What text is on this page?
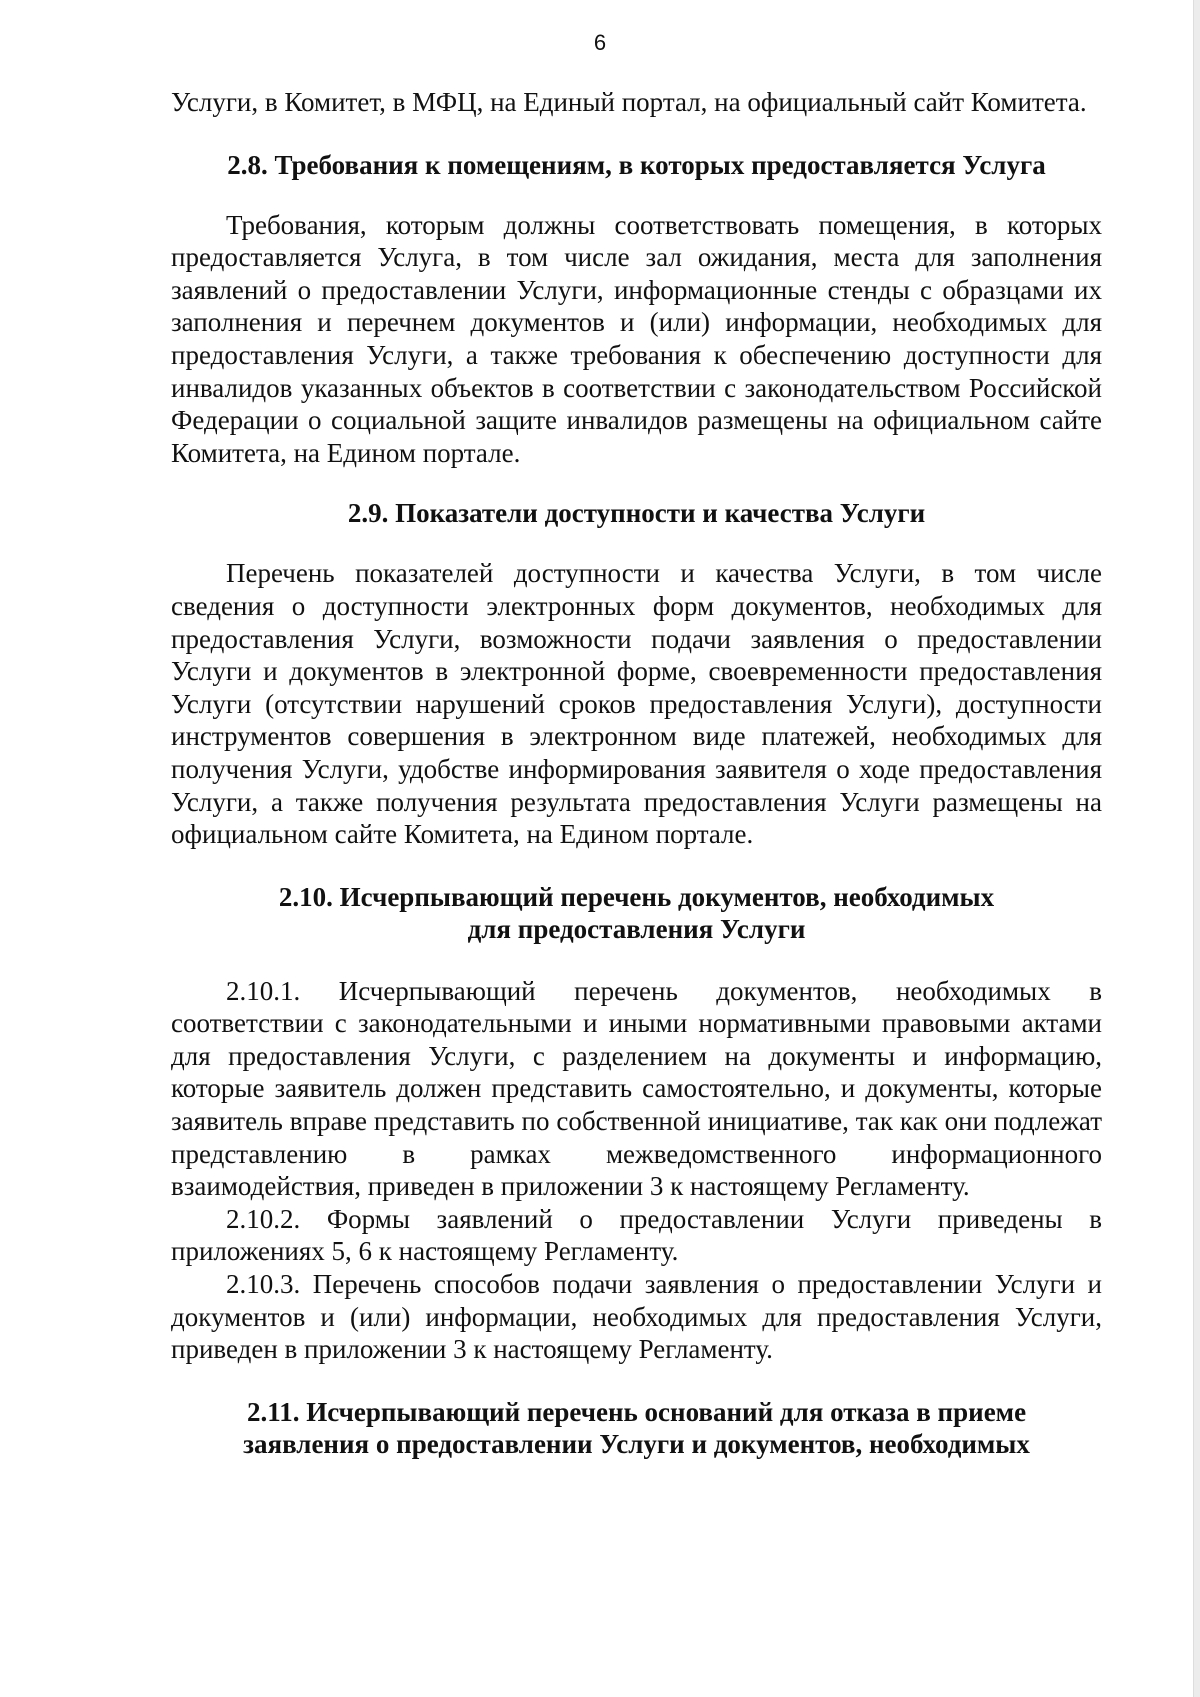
6

Услуги, в Комитет, в МФЦ, на Единый портал, на официальный сайт Комитета.

2.8. Требования к помещениям, в которых предоставляется Услуга

Требования, которым должны соответствовать помещения, в которых предоставляется Услуга, в том числе зал ожидания, места для заполнения заявлений о предоставлении Услуги, информационные стенды с образцами их заполнения и перечнем документов и (или) информации, необходимых для предоставления Услуги, а также требования к обеспечению доступности для инвалидов указанных объектов в соответствии с законодательством Российской Федерации о социальной защите инвалидов размещены на официальном сайте Комитета, на Едином портале.

2.9. Показатели доступности и качества Услуги

Перечень показателей доступности и качества Услуги, в том числе сведения о доступности электронных форм документов, необходимых для предоставления Услуги, возможности подачи заявления о предоставлении Услуги и документов в электронной форме, своевременности предоставления Услуги (отсутствии нарушений сроков предоставления Услуги), доступности инструментов совершения в электронном виде платежей, необходимых для получения Услуги, удобстве информирования заявителя о ходе предоставления Услуги, а также получения результата предоставления Услуги размещены на официальном сайте Комитета, на Едином портале.

2.10. Исчерпывающий перечень документов, необходимых
для предоставления Услуги

2.10.1. Исчерпывающий перечень документов, необходимых в соответствии с законодательными и иными нормативными правовыми актами для предоставления Услуги, с разделением на документы и информацию, которые заявитель должен представить самостоятельно, и документы, которые заявитель вправе представить по собственной инициативе, так как они подлежат представлению в рамках межведомственного информационного взаимодействия, приведен в приложении 3 к настоящему Регламенту.

2.10.2. Формы заявлений о предоставлении Услуги приведены в приложениях 5, 6 к настоящему Регламенту.

2.10.3. Перечень способов подачи заявления о предоставлении Услуги и документов и (или) информации, необходимых для предоставления Услуги, приведен в приложении 3 к настоящему Регламенту.

2.11. Исчерпывающий перечень оснований для отказа в приеме
заявления о предоставлении Услуги и документов, необходимых
